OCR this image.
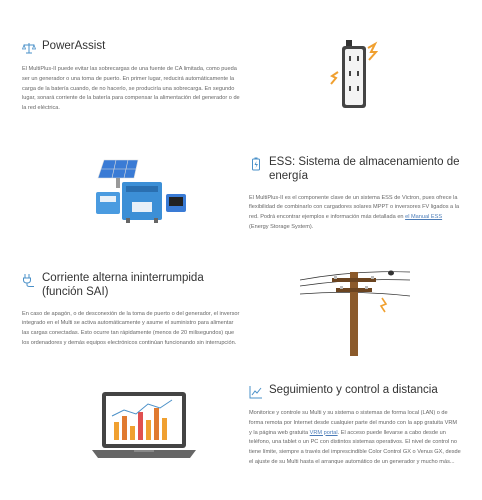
PowerAssist
El MultiPlus-II puede evitar las sobrecargas de una fuente de CA limitada, como pueda ser un generador o una toma de puerto. En primer lugar, reducirá automáticamente la carga de la batería cuando, de no hacerlo, se produciría una sobrecarga. En segundo lugar, sonará corriente de la batería para compensar la alimentación del generador o de la red eléctrica.
ESS: Sistema de almacenamiento de energía
El MultiPlus-II es el componente clave de un sistema ESS de Victron, pues ofrece la flexibilidad de combinarlo con cargadores solares MPPT o inversores FV ligados a la red. Podrá encontrar ejemplos e información más detallada en el Manual ESS (Energy Storage System).
Corriente alterna ininterrumpida (función SAI)
En caso de apagón, o de desconexión de la toma de puerto o del generador, el inversor integrado en el Multi se activa automáticamente y asume el suministro para alimentar las cargas conectadas. Esto ocurre tan rápidamente (menos de 20 milisegundos) que los ordenadores y demás equipos electrónicos continúan funcionando sin interrupción.
Seguimiento y control a distancia
Monitorice y controle su Multi y su sistema o sistemas de forma local (LAN) o de forma remota por Internet desde cualquier parte del mundo con la app gratuita VRM y la página web gratuita VRM portal. El acceso puede llevarse a cabo desde un teléfono, una tablet o un PC con distintos sistemas operativos. El nivel de control no tiene límite, siempre a través del imprescindible Color Control GX o Venus GX, desde el ajuste de su Multi hasta el arranque automático de un generador y mucho más...
